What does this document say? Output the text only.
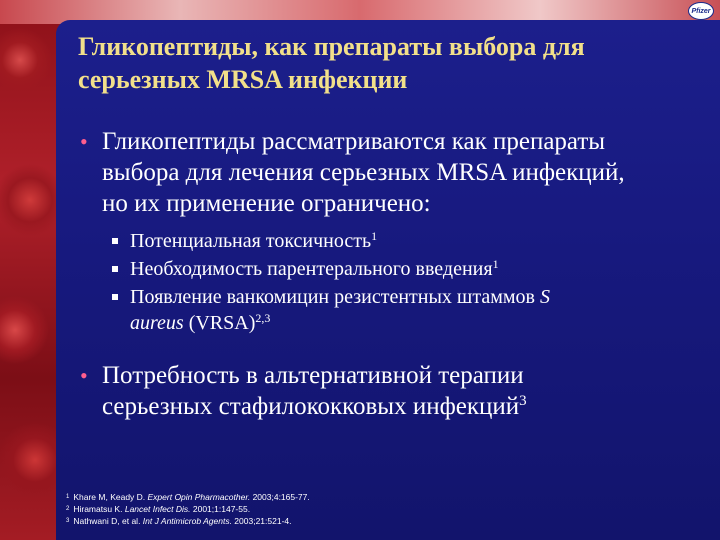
Pfizer
Гликопептиды, как препараты выбора для
серьезных MRSA инфекции
• Гликопептиды рассматриваются как препараты
выбора для лечения серьезных MRSA инфекций,
но их применение ограничено:
Потенциальная токсичность$^1$
Необходимость парентерального введения$^1$
Появление ванкомицин резистентных штаммов S
aureus (VRSA)$^{2,3}$
• Потребность в альтернативной терапии
серьезных стафилококковых инфекций$^3$
$^1$ Khare M, Keady D. Expert Opin Pharmacother. 2003;4:165-77.
$^2$ Hiramatsu K. Lancet Infect Dis. 2001;1:147-55.
$^3$ Nathwani D, et al. Int J Antimicrob Agents. 2003;21:521-4.
